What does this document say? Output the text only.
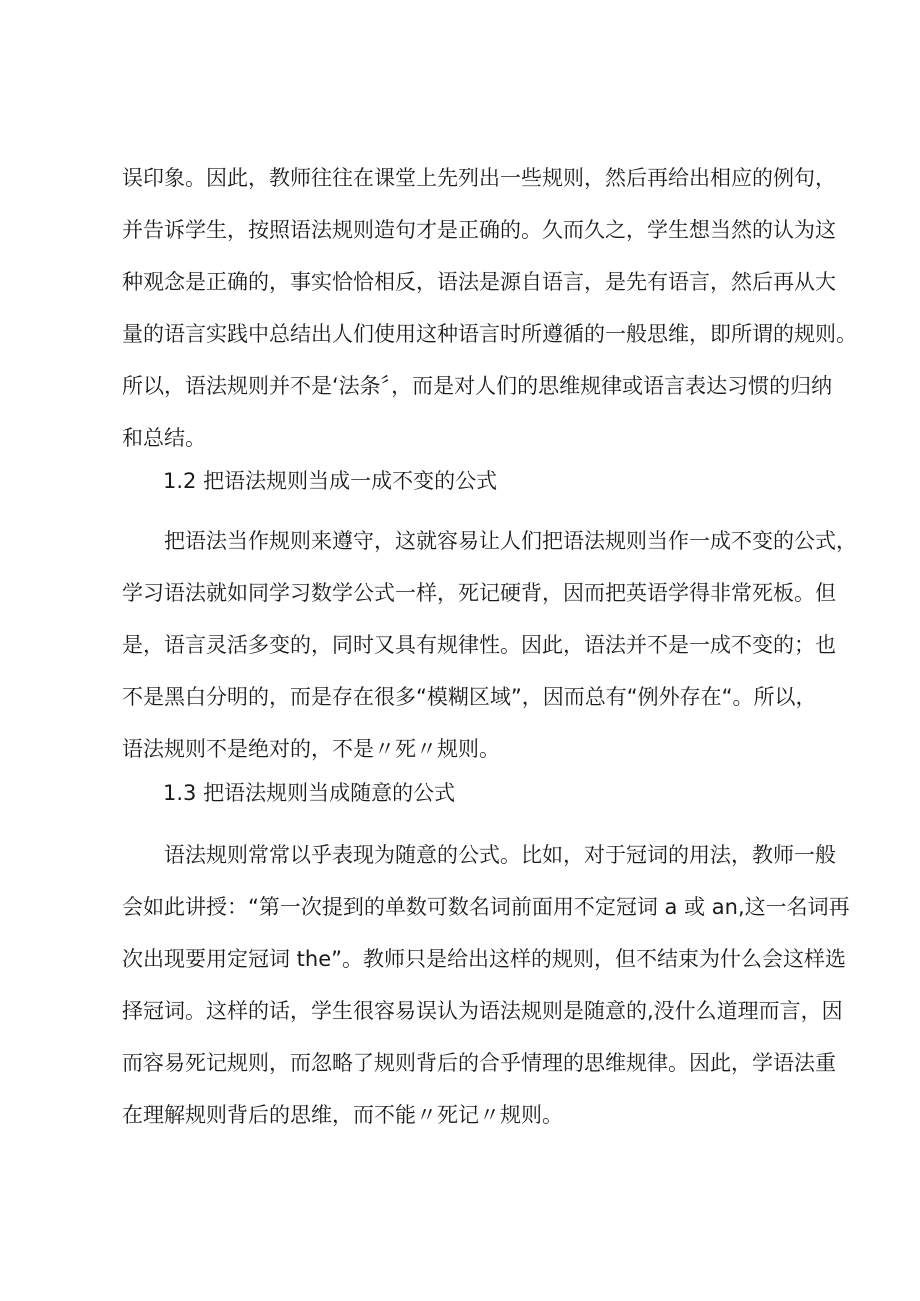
误印象。因此，教师往往在课堂上先列出一些规则，然后再给出相应的例句，
并告诉学生，按照语法规则造句才是正确的。久而久之，学生想当然的认为这
种观念是正确的，事实恰恰相反，语法是源自语言，是先有语言，然后再从大
量的语言实践中总结出人们使用这种语言时所遵循的一般思维，即所谓的规则。
所以，语法规则并不是‘法条〞，而是对人们的思维规律或语言表达习惯的归纳
和总结。
1.2 把语法规则当成一成不变的公式
把语法当作规则来遵守，这就容易让人们把语法规则当作一成不变的公式，
学习语法就如同学习数学公式一样，死记硬背，因而把英语学得非常死板。但
是，语言灵活多变的，同时又具有规律性。因此，语法并不是一成不变的；也
不是黑白分明的，而是存在很多“模糊区域”，因而总有“例外存在“。所以，
语法规则不是绝对的，不是〃死〃规则。
1.3 把语法规则当成随意的公式
语法规则常常以乎表现为随意的公式。比如，对于冠词的用法，教师一般
会如此讲授：“第一次提到的单数可数名词前面用不定冠词 a 或 an,这一名词再
次出现要用定冠词 the”。教师只是给出这样的规则，但不结束为什么会这样选
择冠词。这样的话，学生很容易误认为语法规则是随意的,没什么道理而言，因
而容易死记规则，而忽略了规则背后的合乎情理的思维规律。因此，学语法重
在理解规则背后的思维，而不能〃死记〃规则。
